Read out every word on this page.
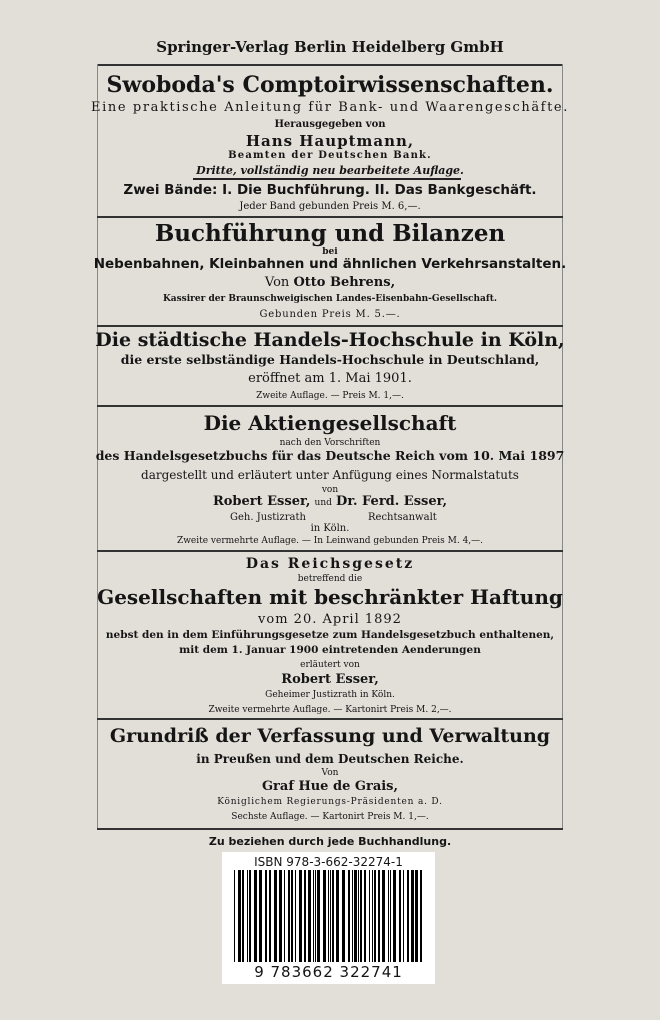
Springer-Verlag Berlin Heidelberg GmbH
Swoboda's Comptoirwissenschaften.
Eine praktische Anleitung für Bank- und Waarengeschäfte.
Herausgegeben von
Hans Hauptmann,
Beamten der Deutschen Bank.
Dritte, vollständig neu bearbeitete Auflage.
Zwei Bände: I. Die Buchführung. II. Das Bankgeschäft.
Jeder Band gebunden Preis M. 6,—.
Buchführung und Bilanzen
bei
Nebenbahnen, Kleinbahnen und ähnlichen Verkehrsanstalten.
Von Otto Behrens,
Kassirer der Braunschweigischen Landes-Eisenbahn-Gesellschaft.
Gebunden Preis M. 5.—.
Die städtische Handels-Hochschule in Köln,
die erste selbständige Handels-Hochschule in Deutschland,
eröffnet am 1. Mai 1901.
Zweite Auflage. — Preis M. 1,—.
Die Aktiengesellschaft
nach den Vorschriften
des Handelsgesetzbuchs für das Deutsche Reich vom 10. Mai 1897
dargestellt und erläutert unter Anfügung eines Normalstatuts
von
Robert Esser, und Dr. Ferd. Esser,
Geh. Justizrath	Rechtsanwalt
in Köln.
Zweite vermehrte Auflage. — In Leinwand gebunden Preis M. 4,—.
Das Reichsgesetz
betreffend die
Gesellschaften mit beschränkter Haftung
vom 20. April 1892
nebst den in dem Einführungsgesetze zum Handelsgesetzbuch enthaltenen,
mit dem 1. Januar 1900 eintretenden Aenderungen
erläutert von
Robert Esser,
Geheimer Justizrath in Köln.
Zweite vermehrte Auflage. — Kartonirt Preis M. 2,—.
Grundriß der Verfassung und Verwaltung
in Preußen und dem Deutschen Reiche.
Von
Graf Hue de Grais,
Königlichem Regierungs-Präsidenten a. D.
Sechste Auflage. — Kartonirt Preis M. 1,—.
Zu beziehen durch jede Buchhandlung.
ISBN 978-3-662-32274-1
9 783662 322741
